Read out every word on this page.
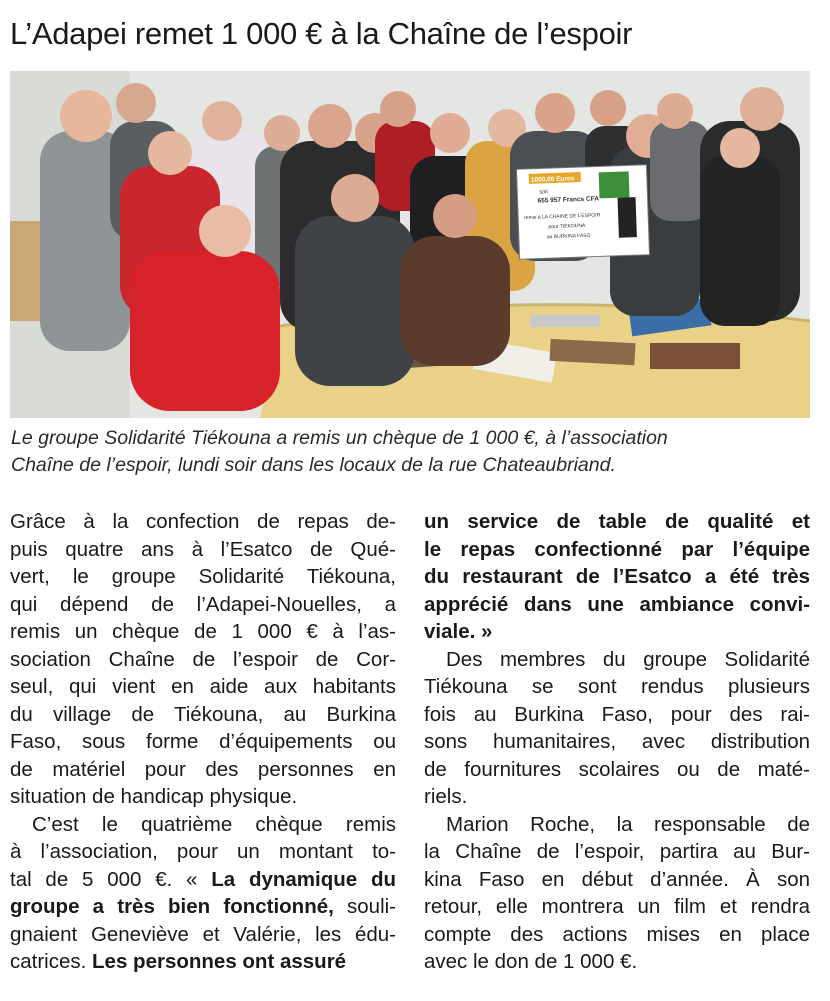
L’Adapei remet 1 000 € à la Chaîne de l’espoir
1000,00 Euros
soit
655 957 Francs CFA
remis à LA CHAINE DE L’ESPOIR
pour TIÉKOUNA
au BURKINA FASO
Le groupe Solidarité Tiékouna a remis un chèque de 1 000 €, à l’association
Chaîne de l’espoir, lundi soir dans les locaux de la rue Chateaubriand.
Grâce à la confection de repas de-
puis quatre ans à l’Esatco de Qué-
vert, le groupe Solidarité Tiékouna,
qui dépend de l’Adapei-Nouelles, a
remis un chèque de 1 000 € à l’as-
sociation Chaîne de l’espoir de Cor-
seul, qui vient en aide aux habitants
du village de Tiékouna, au Burkina
Faso, sous forme d’équipements ou
de matériel pour des personnes en
situation de handicap physique.
C’est le quatrième chèque remis
à l’association, pour un montant to-
tal de 5 000 €. « La dynamique du
groupe a très bien fonctionné, souli-
gnaient Geneviève et Valérie, les édu-
catrices. Les personnes ont assuré
un service de table de qualité et
le repas confectionné par l’équipe
du restaurant de l’Esatco a été très
apprécié dans une ambiance convi-
viale. »
Des membres du groupe Solidarité
Tiékouna se sont rendus plusieurs
fois au Burkina Faso, pour des rai-
sons humanitaires, avec distribution
de fournitures scolaires ou de maté-
riels.
Marion Roche, la responsable de
la Chaîne de l’espoir, partira au Bur-
kina Faso en début d’année. À son
retour, elle montrera un film et rendra
compte des actions mises en place
avec le don de 1 000 €.
